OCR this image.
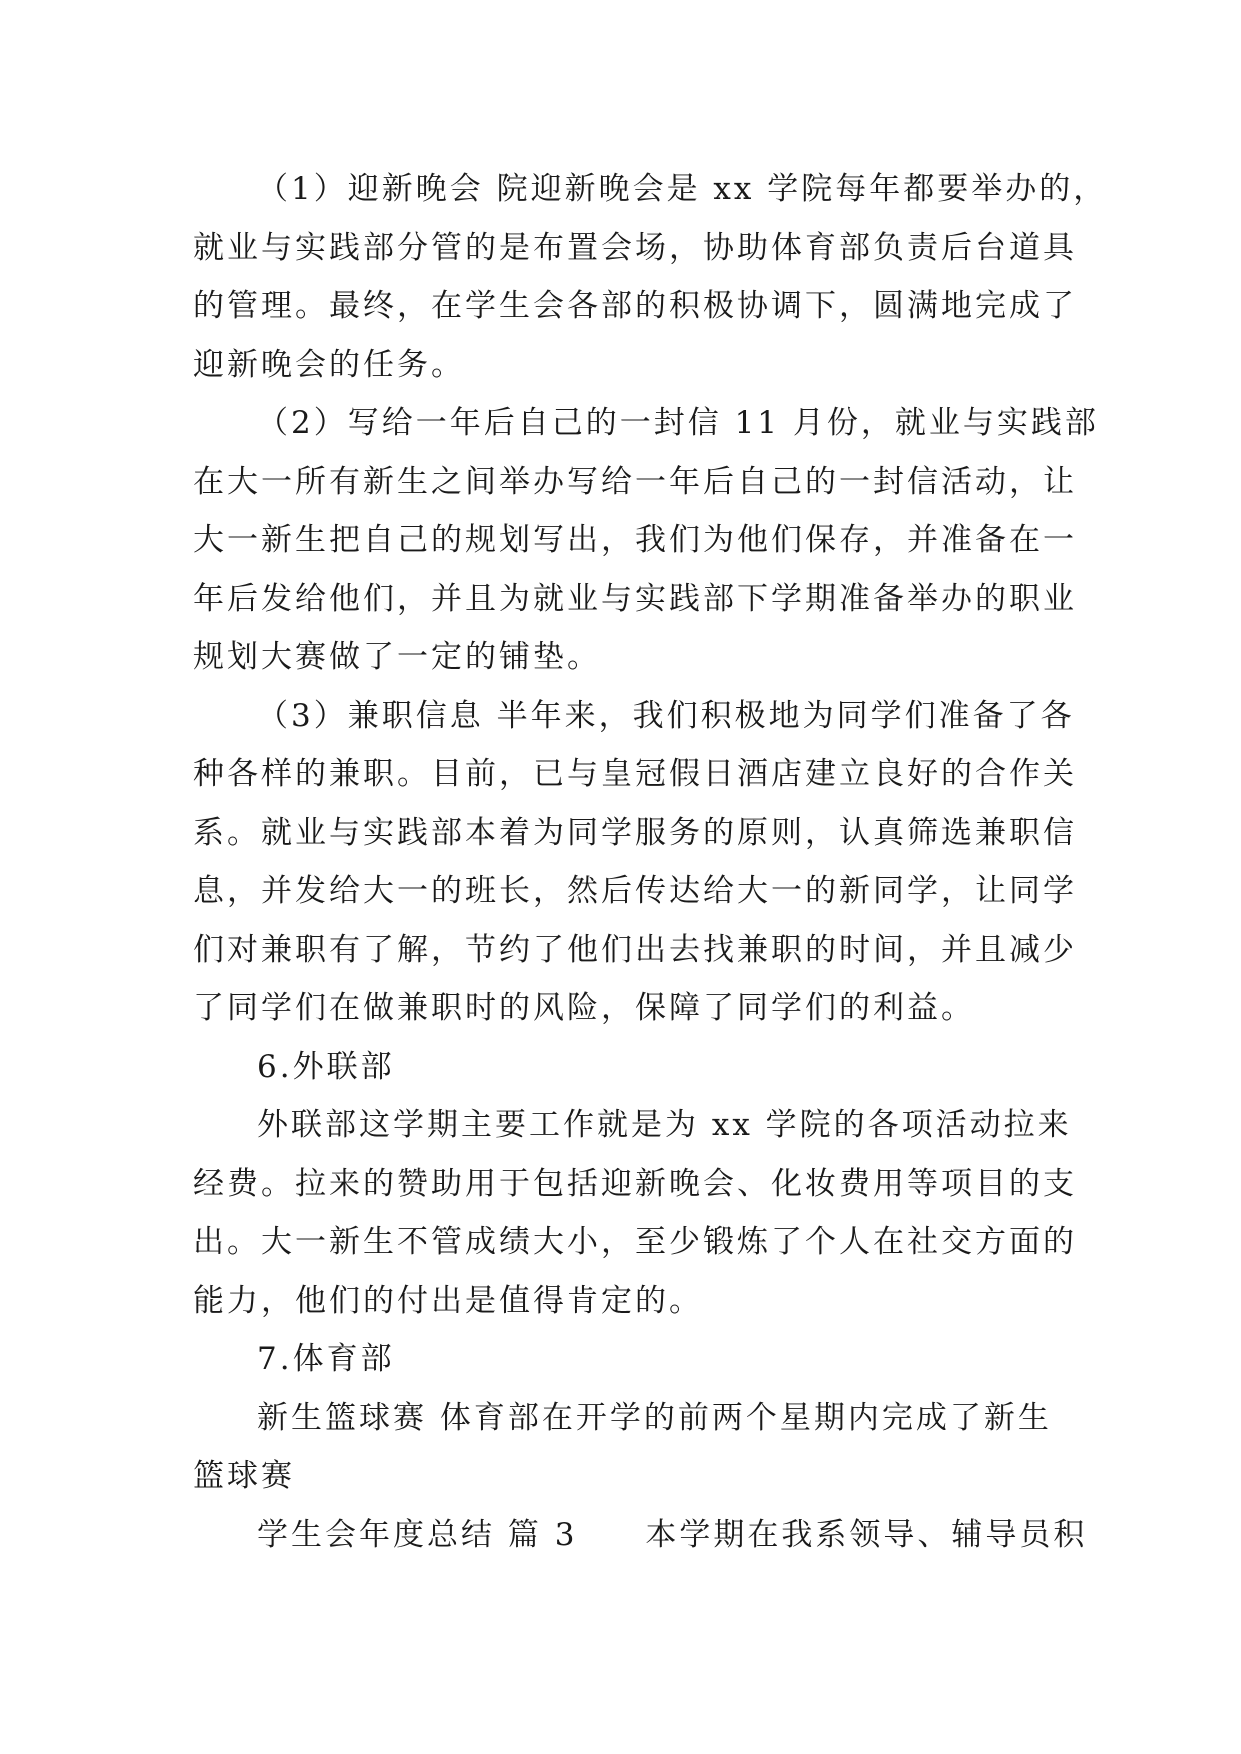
（1）迎新晚会 院迎新晚会是 xx 学院每年都要举办的，
就业与实践部分管的是布置会场，协助体育部负责后台道具
的管理。最终，在学生会各部的积极协调下，圆满地完成了
迎新晚会的任务。
（2）写给一年后自己的一封信 11 月份，就业与实践部
在大一所有新生之间举办写给一年后自己的一封信活动，让
大一新生把自己的规划写出，我们为他们保存，并准备在一
年后发给他们，并且为就业与实践部下学期准备举办的职业
规划大赛做了一定的铺垫。
（3）兼职信息 半年来，我们积极地为同学们准备了各
种各样的兼职。目前，已与皇冠假日酒店建立良好的合作关
系。就业与实践部本着为同学服务的原则，认真筛选兼职信
息，并发给大一的班长，然后传达给大一的新同学，让同学
们对兼职有了解，节约了他们出去找兼职的时间，并且减少
了同学们在做兼职时的风险，保障了同学们的利益。
6.外联部
外联部这学期主要工作就是为 xx 学院的各项活动拉来
经费。拉来的赞助用于包括迎新晚会、化妆费用等项目的支
出。大一新生不管成绩大小，至少锻炼了个人在社交方面的
能力，他们的付出是值得肯定的。
7.体育部
新生篮球赛 体育部在开学的前两个星期内完成了新生
篮球赛
学生会年度总结 篇 3　　本学期在我系领导、辅导员积
